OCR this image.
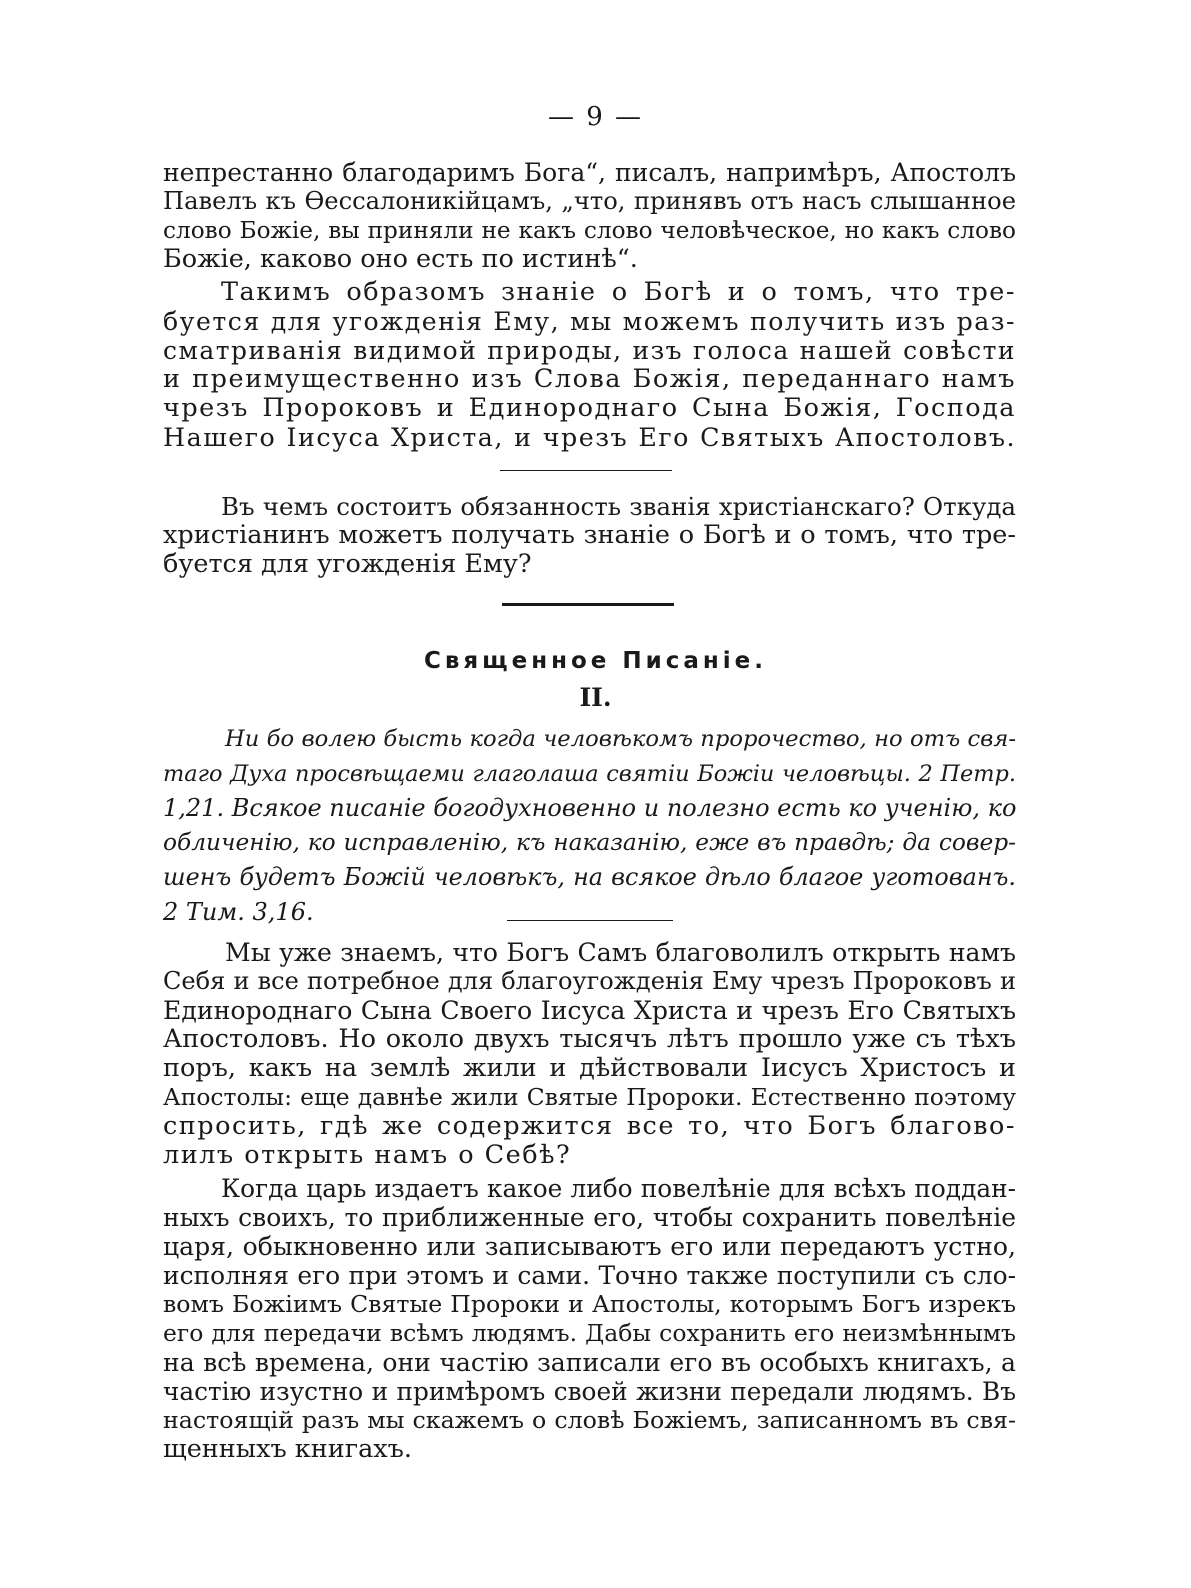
— 9 —
непрестанно благодаримъ Бога“, писалъ, напримѣръ, Апостолъ
Павелъ къ Ѳессалоникійцамъ, „что, принявъ отъ насъ слышанное
слово Божіе, вы приняли не какъ слово человѣческое, но какъ слово
Божіе, каково оно есть по истинѣ“.
Такимъ образомъ знаніе о Богѣ и о томъ, что тре-
буется для угожденія Ему, мы можемъ получить изъ раз-
сматриванія видимой природы, изъ голоса нашей совѣсти
и преимущественно изъ Слова Божія, переданнаго намъ
чрезъ Пророковъ и Единороднаго Сына Божія, Господа
Нашего Іисуса Христа, и чрезъ Его Святыхъ Апостоловъ.
Въ чемъ состоитъ обязанность званія христіанскаго? Откуда
христіанинъ можетъ получать знаніе о Богѣ и о томъ, что тре-
буется для угожденія Ему?
Священное Писаніе.
II.
Ни бо волею бысть когда человѣкомъ пророчество, но отъ свя-
таго Духа просвѣщаеми глаголаша святіи Божіи человѣцы. 2 Петр.
1,21. Всякое писаніе богодухновенно и полезно есть ко ученію, ко
обличенію, ко исправленію, къ наказанію, еже въ правдѣ; да совер-
шенъ будетъ Божій человѣкъ, на всякое дѣло благое уготованъ.
2 Тим. 3,16.
Мы уже знаемъ, что Богъ Самъ благоволилъ открыть намъ
Себя и все потребное для благоугожденія Ему чрезъ Пророковъ и
Единороднаго Сына Своего Іисуса Христа и чрезъ Его Святыхъ
Апостоловъ. Но около двухъ тысячъ лѣтъ прошло уже съ тѣхъ
поръ, какъ на землѣ жили и дѣйствовали Іисусъ Христосъ и
Апостолы: еще давнѣе жили Святые Пророки. Естественно поэтому
спросить, гдѣ же содержится все то, что Богъ благово-
лилъ открыть намъ о Себѣ?
Когда царь издаетъ какое либо повелѣніе для всѣхъ поддан-
ныхъ своихъ, то приближенные его, чтобы сохранить повелѣніе
царя, обыкновенно или записываютъ его или передаютъ устно,
исполняя его при этомъ и сами. Точно также поступили съ сло-
вомъ Божіимъ Святые Пророки и Апостолы, которымъ Богъ изрекъ
его для передачи всѣмъ людямъ. Дабы сохранить его неизмѣннымъ
на всѣ времена, они частію записали его въ особыхъ книгахъ, а
частію изустно и примѣромъ своей жизни передали людямъ. Въ
настоящій разъ мы скажемъ о словѣ Божіемъ, записанномъ въ свя-
щенныхъ книгахъ.
